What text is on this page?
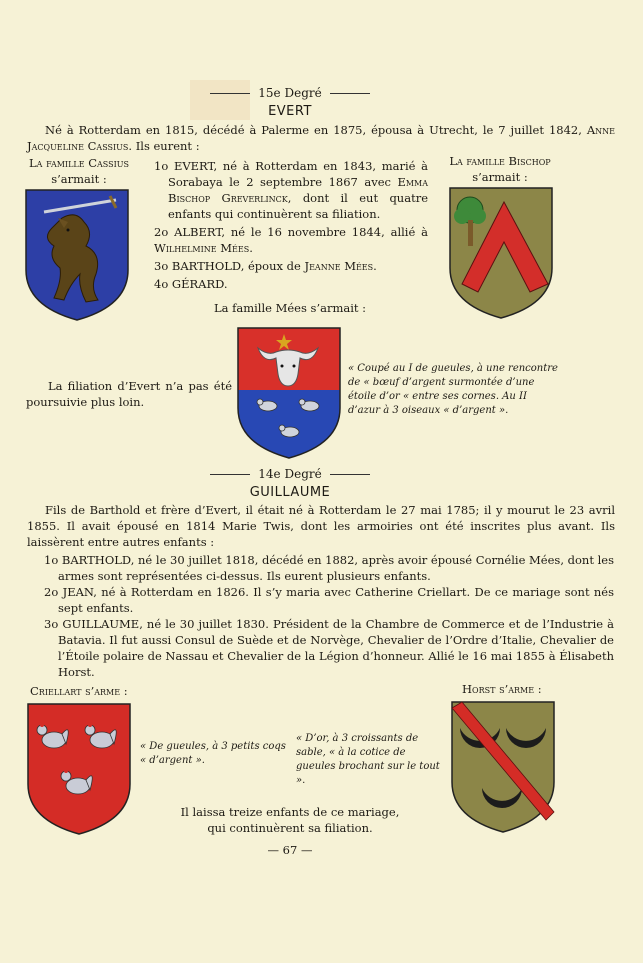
15e Degré
EVERT
Né à Rotterdam en 1815, décédé à Palerme en 1875, épousa à Utrecht, le 7 juillet 1842, Anne Jacqueline Cassius. Ils eurent :
La famille Cassius
s’armait :
La famille Bischop
s’armait :
1o EVERT, né à Rotterdam en 1843, marié à Sorabaya le 2 septembre 1867 avec Emma Bischop Greverlinck, dont il eut quatre enfants qui continuèrent sa filiation.
2o ALBERT, né le 16 novembre 1844, allié à Wilhelmine Mées.
3o BARTHOLD, époux de Jeanne Mées.
4o GÉRARD.
La famille Mées s’armait :
« Coupé au I de gueules, à une rencontre de « bœuf d’argent surmontée d’une étoile d’or « entre ses cornes. Au II d’azur à 3 oiseaux « d’argent ».
La filiation d’Evert n’a pas été poursuivie plus loin.
14e Degré
GUILLAUME
Fils de Barthold et frère d’Evert, il était né à Rotterdam le 27 mai 1785; il y mourut le 23 avril 1855. Il avait épousé en 1814 Marie Twis, dont les armoiries ont été inscrites plus avant. Ils laissèrent entre autres enfants :
1o BARTHOLD, né le 30 juillet 1818, décédé en 1882, après avoir épousé Cornélie Mées, dont les armes sont représentées ci-dessus. Ils eurent plusieurs enfants.
2o JEAN, né à Rotterdam en 1826. Il s’y maria avec Catherine Criellart. De ce mariage sont nés sept enfants.
3o GUILLAUME, né le 30 juillet 1830. Président de la Chambre de Commerce et de l’Industrie à Batavia. Il fut aussi Consul de Suède et de Norvège, Chevalier de l’Ordre d’Italie, Chevalier de l’Étoile polaire de Nassau et Chevalier de la Légion d’honneur. Allié le 16 mai 1855 à Élisabeth Horst.
Criellart s’arme :
« De gueules, à 3 petits coqs « d’argent ».
Horst s’arme :
« D’or, à 3 croissants de sable, « à la cotice de gueules brochant sur le tout ».
Il laissa treize enfants de ce mariage,
qui continuèrent sa filiation.
— 67 —
